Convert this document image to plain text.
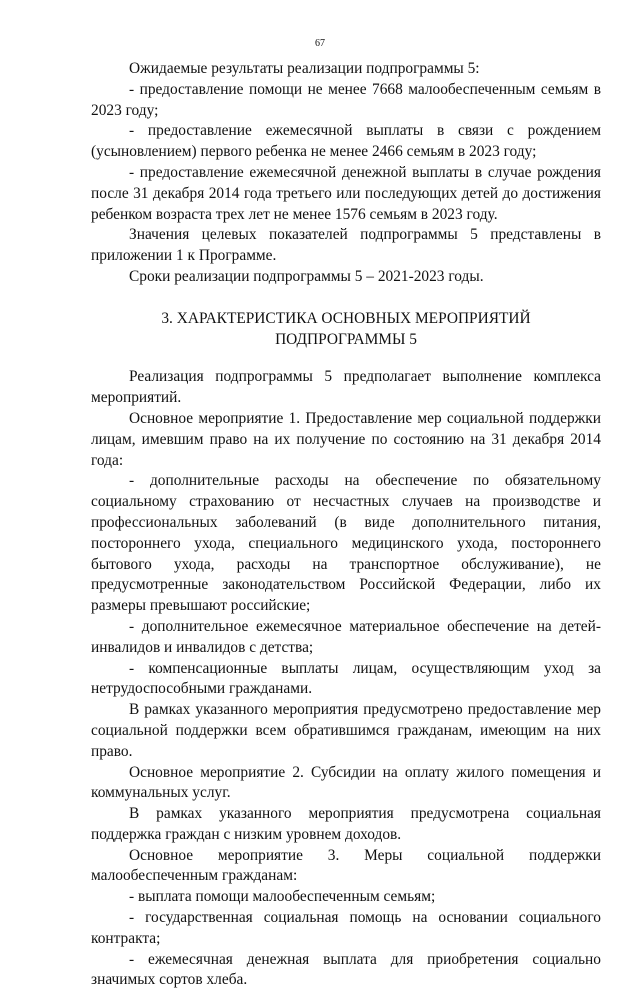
67

Ожидаемые результаты реализации подпрограммы 5:

- предоставление помощи не менее 7668 малообеспеченным семьям в 2023 году;

- предоставление ежемесячной выплаты в связи с рождением (усыновлением) первого ребенка не менее 2466 семьям в 2023 году;

- предоставление ежемесячной денежной выплаты в случае рождения после 31 декабря 2014 года третьего или последующих детей до достижения ребенком возраста трех лет не менее 1576 семьям в 2023 году.

Значения целевых показателей подпрограммы 5 представлены в приложении 1 к Программе.

Сроки реализации подпрограммы 5 – 2021-2023 годы.

3. ХАРАКТЕРИСТИКА ОСНОВНЫХ МЕРОПРИЯТИЙ
ПОДПРОГРАММЫ 5

Реализация подпрограммы 5 предполагает выполнение комплекса мероприятий.

Основное мероприятие 1. Предоставление мер социальной поддержки лицам, имевшим право на их получение по состоянию на 31 декабря 2014 года:

- дополнительные расходы на обеспечение по обязательному социальному страхованию от несчастных случаев на производстве и профессиональных заболеваний (в виде дополнительного питания, постороннего ухода, специального медицинского ухода, постороннего бытового ухода, расходы на транспортное обслуживание), не предусмотренные законодательством Российской Федерации, либо их размеры превышают российские;

- дополнительное ежемесячное материальное обеспечение на детей-инвалидов и инвалидов с детства;

- компенсационные выплаты лицам, осуществляющим уход за нетрудоспособными гражданами.

В рамках указанного мероприятия предусмотрено предоставление мер социальной поддержки всем обратившимся гражданам, имеющим на них право.

Основное мероприятие 2. Субсидии на оплату жилого помещения и коммунальных услуг.

В рамках указанного мероприятия предусмотрена социальная поддержка граждан с низким уровнем доходов.

Основное мероприятие 3. Меры социальной поддержки малообеспеченным гражданам:

- выплата помощи малообеспеченным семьям;

- государственная социальная помощь на основании социального контракта;

- ежемесячная денежная выплата для приобретения социально значимых сортов хлеба.
